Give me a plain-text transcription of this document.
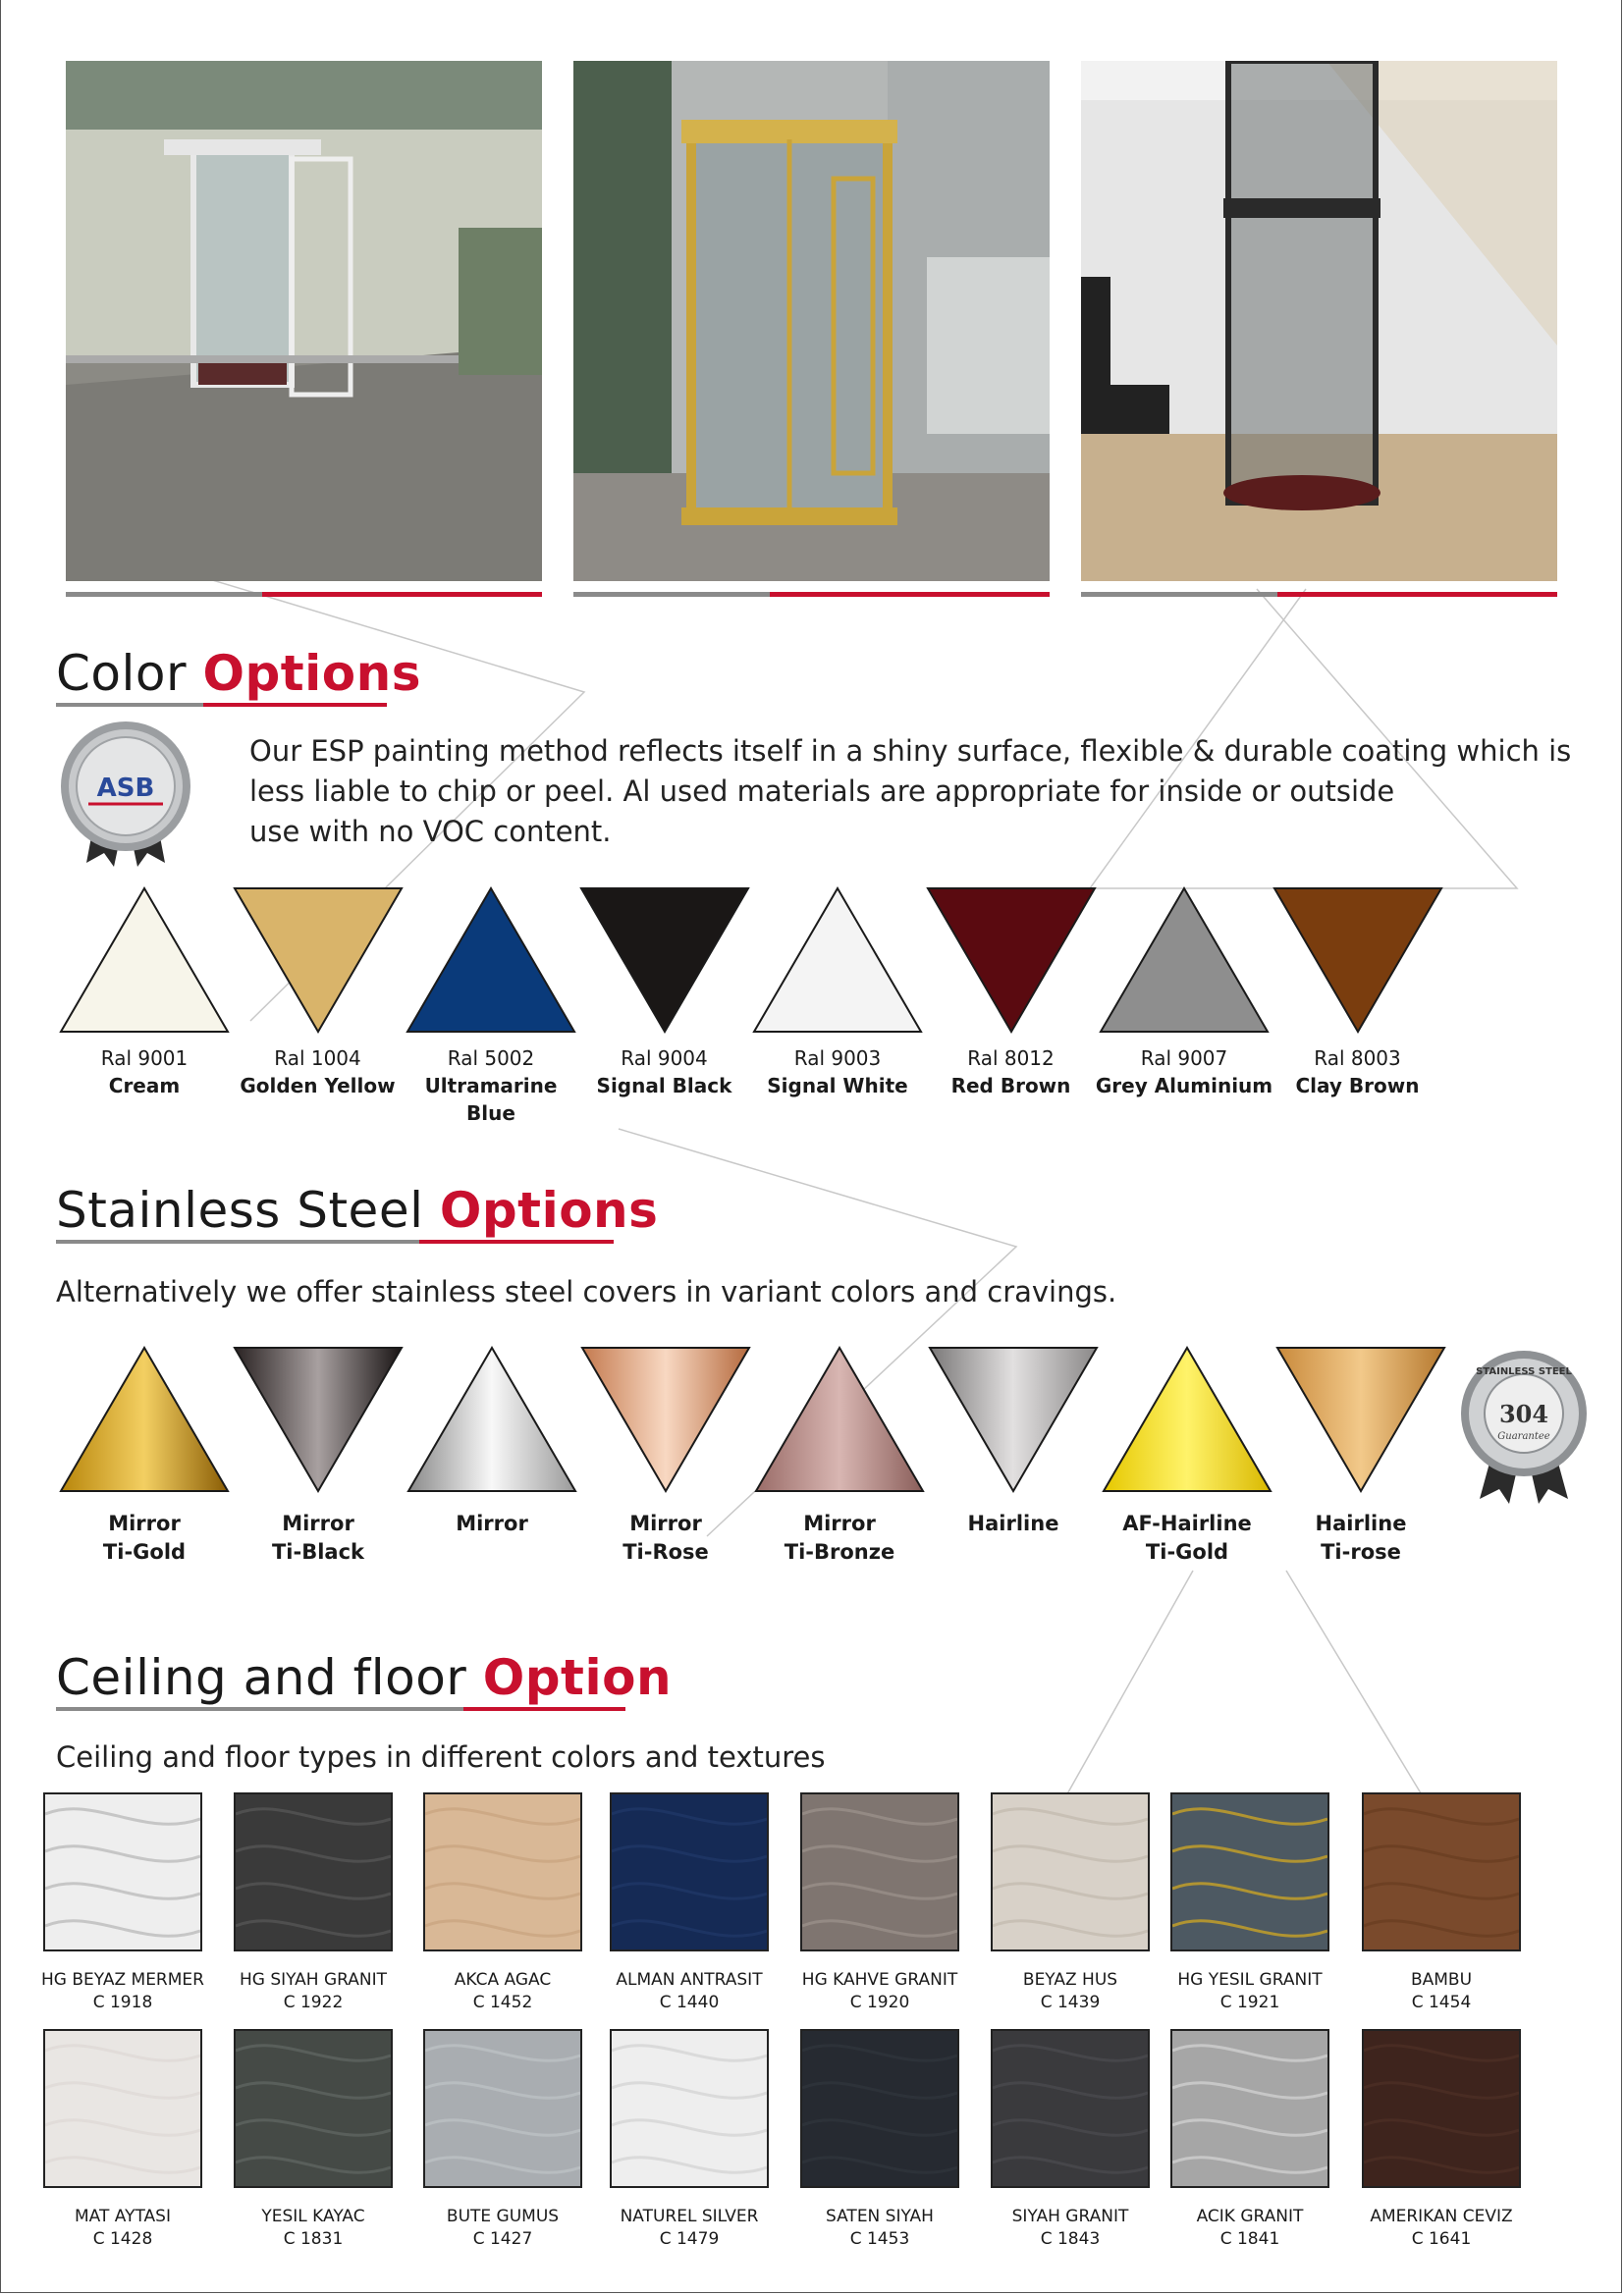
Color Options
ASB
Our ESP painting method reflects itself in a shiny surface, flexible & durable coating which is
less liable to chip or peel. Al used materials are appropriate for inside or outside
use with no VOC content.
Ral 9001
Cream
Ral 1004
Golden Yellow
Ral 5002
Ultramarine Blue
Ral 9004
Signal Black
Ral 9003
Signal White
Ral 8012
Red Brown
Ral 9007
Grey Aluminium
Ral 8003
Clay Brown
Stainless Steel Options
Alternatively we offer stainless steel covers in variant colors and cravings.
Mirror
Ti-Gold
Mirror
Ti-Black
Mirror	Mirror
Ti-Rose
Mirror
Ti-Bronze
Hairline	AF-Hairline
Ti-Gold
Hairline
Ti-rose
STAINLESS STEEL
304
Guarantee
Ceiling and floor Option
Ceiling and floor types in different colors and textures
HG BEYAZ MERMER
C 1918
HG SIYAH GRANIT
C 1922
AKCA AGAC
C 1452
ALMAN ANTRASIT
C 1440
HG KAHVE GRANIT
C 1920
BEYAZ HUS
C 1439
HG YESIL GRANIT
C 1921
BAMBU
C 1454
MAT AYTASI
C 1428
YESIL KAYAC
C 1831
BUTE GUMUS
C 1427
NATUREL SILVER
C 1479
SATEN SIYAH
C 1453
SIYAH GRANIT
C 1843
ACIK GRANIT
C 1841
AMERIKAN CEVIZ
C 1641
